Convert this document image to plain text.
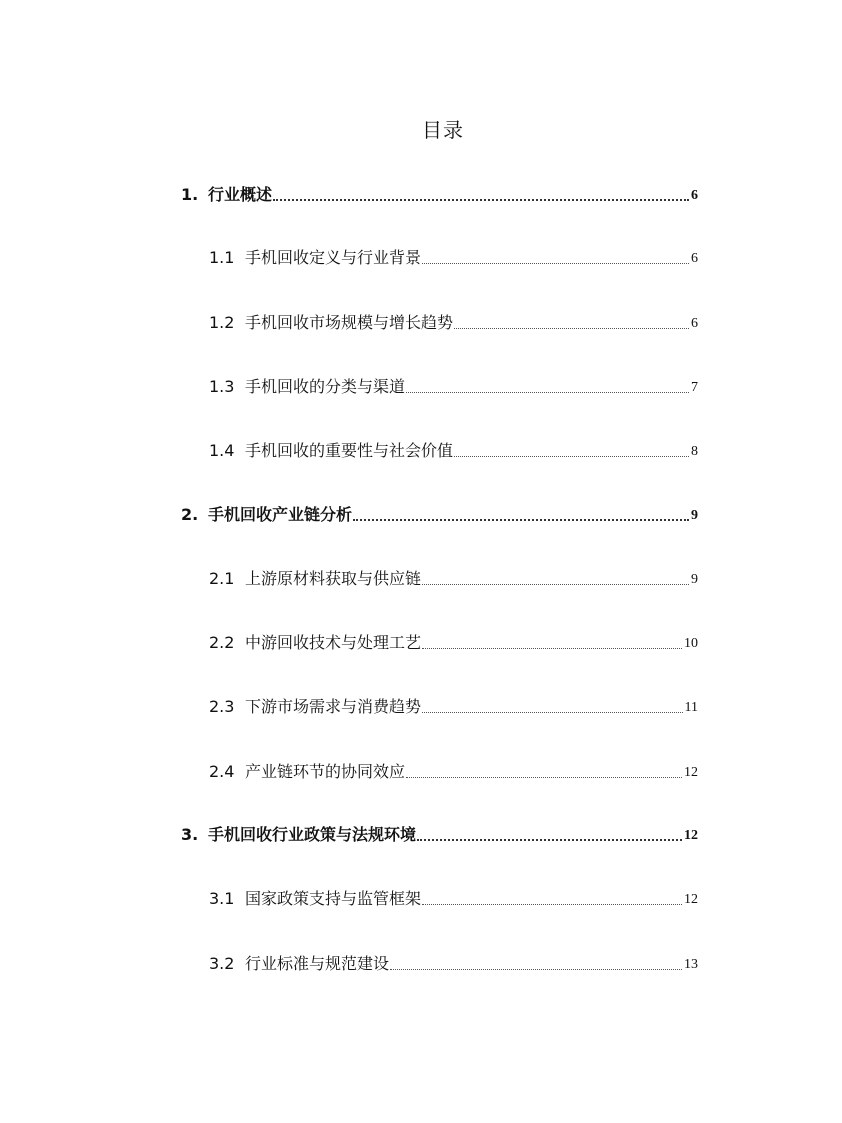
目录
1. 行业概述	6
1.1 手机回收定义与行业背景	6
1.2 手机回收市场规模与增长趋势	6
1.3 手机回收的分类与渠道	7
1.4 手机回收的重要性与社会价值	8
2. 手机回收产业链分析	9
2.1 上游原材料获取与供应链	9
2.2 中游回收技术与处理工艺	10
2.3 下游市场需求与消费趋势	11
2.4 产业链环节的协同效应	12
3. 手机回收行业政策与法规环境	12
3.1 国家政策支持与监管框架	12
3.2 行业标准与规范建设	13
